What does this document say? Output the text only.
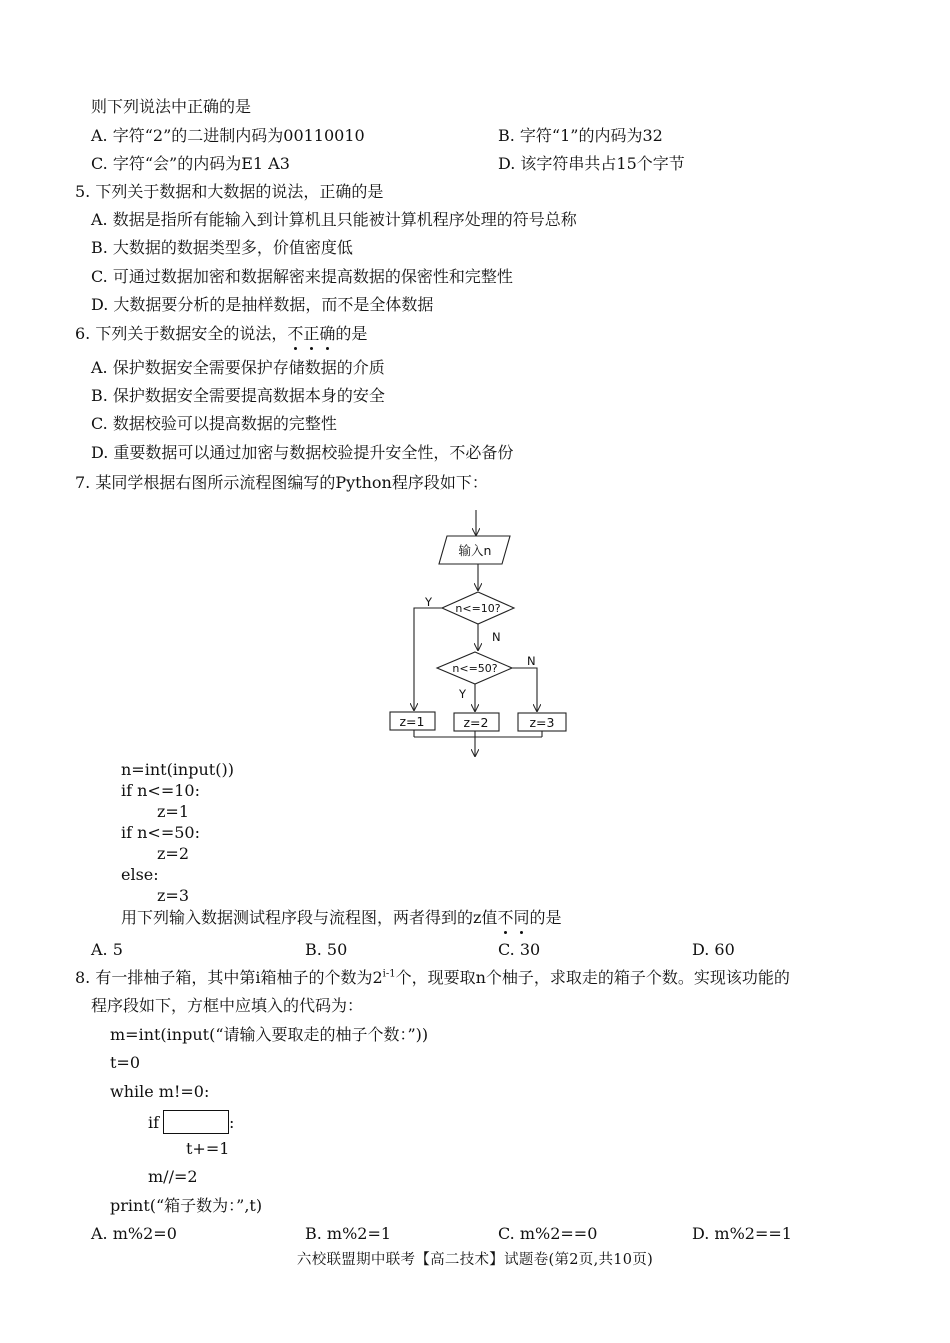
则下列说法中正确的是
A. 字符“2”的二进制内码为00110010	B. 字符“1”的内码为32
C. 字符“会”的内码为E1 A3	D. 该字符串共占15个字节
5. 下列关于数据和大数据的说法，正确的是
A. 数据是指所有能输入到计算机且只能被计算机程序处理的符号总称
B. 大数据的数据类型多，价值密度低
C. 可通过数据加密和数据解密来提高数据的保密性和完整性
D. 大数据要分析的是抽样数据，而不是全体数据
6. 下列关于数据安全的说法，不正确的是
A. 保护数据安全需要保护存储数据的介质
B. 保护数据安全需要提高数据本身的安全
C. 数据校验可以提高数据的完整性
D. 重要数据可以通过加密与数据校验提升安全性，不必备份
7. 某同学根据右图所示流程图编写的Python程序段如下：
输入n
n<=10?
n<=50?
Y
N
Y
N
z=1	z=2	z=3
n=int(input())
if n<=10:
z=1
if n<=50:
z=2
else:
z=3
用下列输入数据测试程序段与流程图，两者得到的z值不同的是
A. 5	B. 50	C. 30	D. 60
8. 有一排柚子箱，其中第i箱柚子的个数为2$^{i-1}$个，现要取n个柚子，求取走的箱子个数。实现该功能的
程序段如下，方框中应填入的代码为：
m=int(input(“请输入要取走的柚子个数：”))
t=0
while m!=0:
if	:
t+=1
m//=2
print(“箱子数为：”,t)
A. m%2=0	B. m%2=1	C. m%2==0	D. m%2==1
六校联盟期中联考【高二技术】试题卷(第2页,共10页)
